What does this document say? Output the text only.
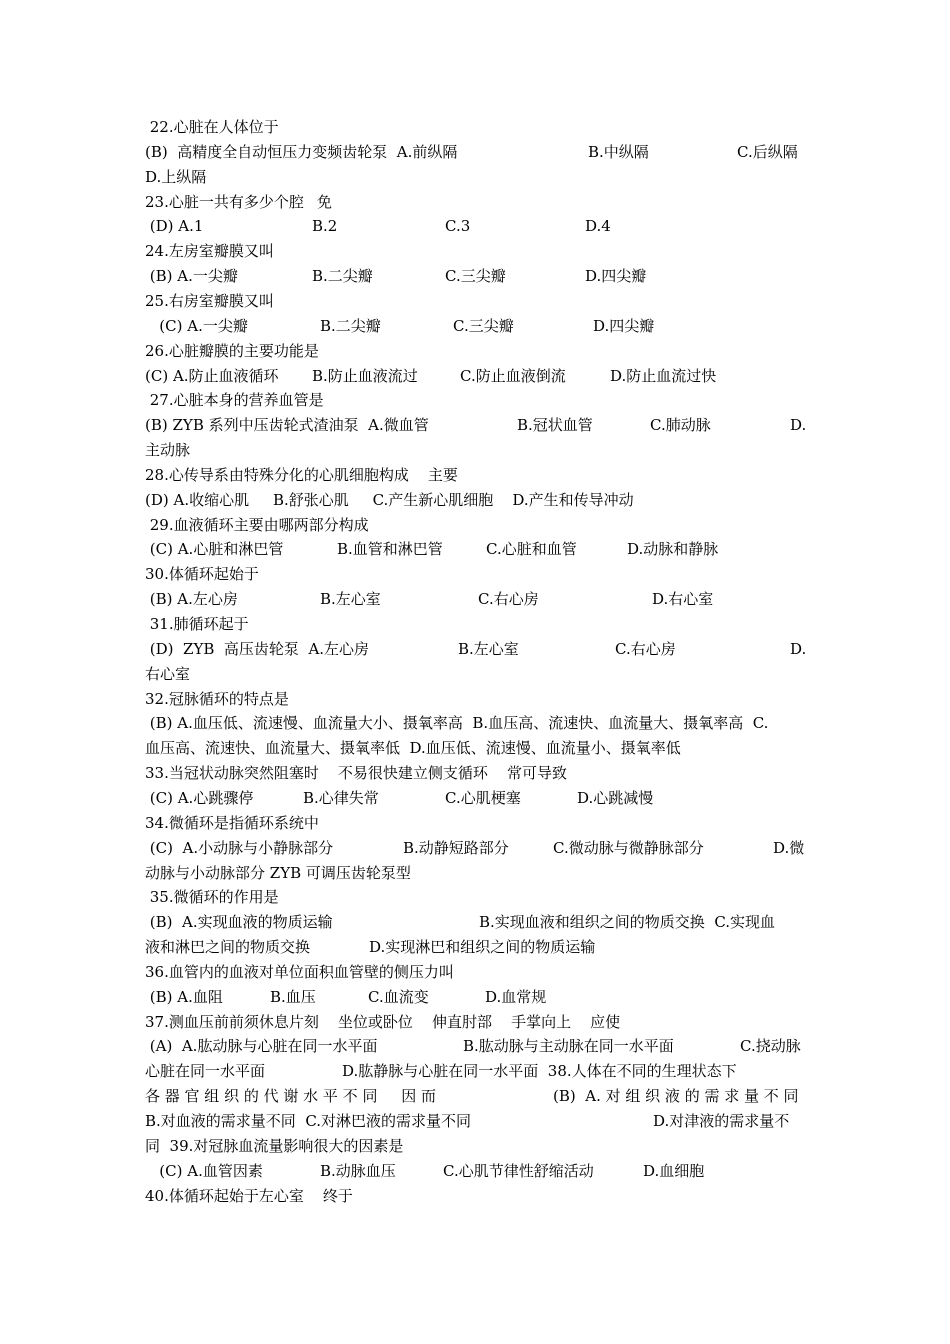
22.心脏在人体位于
(B)  高精度全自动恒压力变频齿轮泵  A.前纵隔	B.中纵隔	C.后纵隔
D.上纵隔
23.心脏一共有多少个腔 免
(D) A.1	B.2	C.3	D.4
24.左房室瓣膜又叫
(B) A.一尖瓣	B.二尖瓣	C.三尖瓣	D.四尖瓣
25.右房室瓣膜又叫
(C) A.一尖瓣	B.二尖瓣	C.三尖瓣	D.四尖瓣
26.心脏瓣膜的主要功能是
(C) A.防止血液循环 B.防止血液流过	C.防止血液倒流	D.防止血流过快
27.心脏本身的营养血管是
(B) ZYB 系列中压齿轮式渣油泵  A.微血管	B.冠状血管	C.肺动脉	D.
主动脉
28.心传导系由特殊分化的心肌细胞构成    主要
(D) A.收缩心肌     B.舒张心肌     C.产生新心肌细胞    D.产生和传导冲动
29.血液循环主要由哪两部分构成
(C) A.心脏和淋巴管	B.血管和淋巴管	C.心脏和血管	D.动脉和静脉
30.体循环起始于
(B) A.左心房	B.左心室	C.右心房	D.右心室
31.肺循环起于
(D)  ZYB  高压齿轮泵  A.左心房	B.左心室	C.右心房	D.
右心室
32.冠脉循环的特点是
(B) A.血压低、流速慢、血流量大小、摄氧率高  B.血压高、流速快、血流量大、摄氧率高  C.
血压高、流速快、血流量大、摄氧率低  D.血压低、流速慢、血流量小、摄氧率低
33.当冠状动脉突然阻塞时    不易很快建立侧支循环    常可导致
(C) A.心跳骤停	B.心律失常	C.心肌梗塞	D.心跳减慢
34.微循环是指循环系统中
(C)  A.小动脉与小静脉部分	B.动静短路部分	C.微动脉与微静脉部分	D.微
动脉与小动脉部分 ZYB 可调压齿轮泵型
35.微循环的作用是
(B)  A.实现血液的物质运输	B.实现血液和组织之间的物质交换  C.实现血
液和淋巴之间的物质交换	D.实现淋巴和组织之间的物质运输
36.血管内的血液对单位面积血管壁的侧压力叫
(B) A.血阻	B.血压	C.血流变	D.血常规
37.测血压前前须休息片刻    坐位或卧位    伸直肘部    手掌向上    应使
(A)  A.肱动脉与心脏在同一水平面	B.肱动脉与主动脉在同一水平面	C.挠动脉
心脏在同一水平面	D.肱静脉与心脏在同一水平面  38.人体在不同的生理状态下
各 器 官 组 织 的 代 谢 水 平 不 同     因 而	(B)  A. 对 组 织 液 的 需 求 量 不 同
B.对血液的需求量不同  C.对淋巴液的需求量不同	D.对津液的需求量不
同  39.对冠脉血流量影响很大的因素是
(C) A.血管因素	B.动脉血压	C.心肌节律性舒缩活动	D.血细胞
40.体循环起始于左心室    终于
